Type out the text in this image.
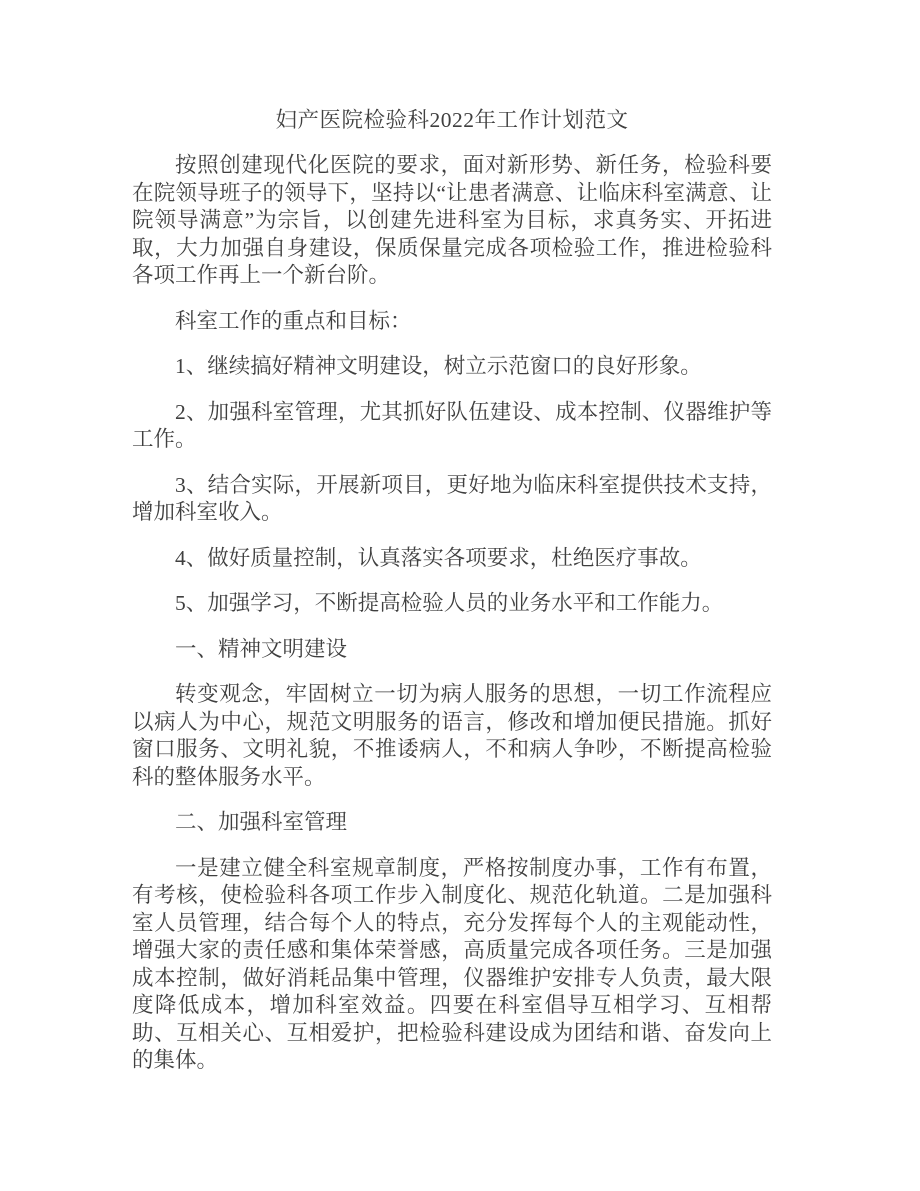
妇产医院检验科2022年工作计划范文

按照创建现代化医院的要求，面对新形势、新任务，检验科要在院领导班子的领导下，坚持以“让患者满意、让临床科室满意、让院领导满意”为宗旨，以创建先进科室为目标，求真务实、开拓进取，大力加强自身建设，保质保量完成各项检验工作，推进检验科各项工作再上一个新台阶。

科室工作的重点和目标：

1、继续搞好精神文明建设，树立示范窗口的良好形象。

2、加强科室管理，尤其抓好队伍建设、成本控制、仪器维护等工作。

3、结合实际，开展新项目，更好地为临床科室提供技术支持，增加科室收入。

4、做好质量控制，认真落实各项要求，杜绝医疗事故。

5、加强学习，不断提高检验人员的业务水平和工作能力。

一、精神文明建设

转变观念，牢固树立一切为病人服务的思想，一切工作流程应以病人为中心，规范文明服务的语言，修改和增加便民措施。抓好窗口服务、文明礼貌，不推诿病人，不和病人争吵，不断提高检验科的整体服务水平。

二、加强科室管理

一是建立健全科室规章制度，严格按制度办事，工作有布置，有考核，使检验科各项工作步入制度化、规范化轨道。二是加强科室人员管理，结合每个人的特点，充分发挥每个人的主观能动性，增强大家的责任感和集体荣誉感，高质量完成各项任务。三是加强成本控制，做好消耗品集中管理，仪器维护安排专人负责，最大限度降低成本，增加科室效益。四要在科室倡导互相学习、互相帮助、互相关心、互相爱护，把检验科建设成为团结和谐、奋发向上的集体。
